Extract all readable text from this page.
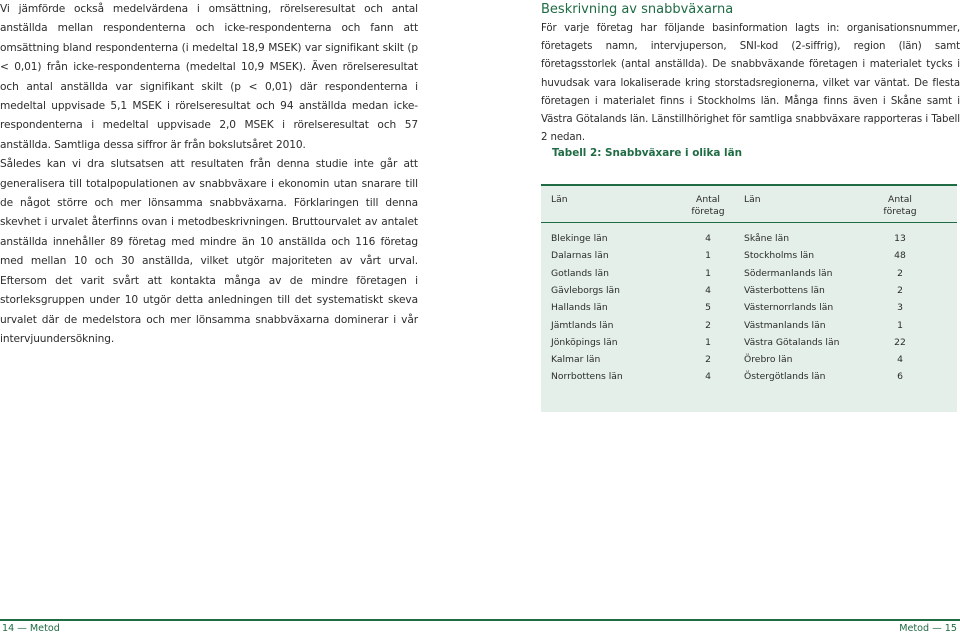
Vi jämförde också medelvärdena i omsättning, rörelseresultat och antal anställda mellan respondenterna och icke-respondenterna och fann att omsättning bland respondenterna (i medeltal 18,9 MSEK) var signifikant skilt (p < 0,01) från icke-respondenterna (medeltal 10,9 MSEK). Även rörelseresultat och antal anställda var signifikant skilt (p < 0,01) där respondenterna i medeltal uppvisade 5,1 MSEK i rörelseresultat och 94 anställda medan icke-respondenterna i medeltal uppvisade 2,0 MSEK i rörelseresultat och 57 anställda. Samtliga dessa siffror är från bokslutsåret 2010.

Således kan vi dra slutsatsen att resultaten från denna studie inte går att generalisera till totalpopulationen av snabbväxare i ekonomin utan snarare till de något större och mer lönsamma snabbväxarna. Förklaringen till denna skevhet i urvalet återfinns ovan i metodbeskrivningen. Bruttourvalet av antalet anställda innehåller 89 företag med mindre än 10 anställda och 116 företag med mellan 10 och 30 anställda, vilket utgör majoriteten av vårt urval. Eftersom det varit svårt att kontakta många av de mindre företagen i storleksgruppen under 10 utgör detta anledningen till det systematiskt skeva urvalet där de medelstora och mer lönsamma snabbväxarna dominerar i vår intervjuundersökning.

Beskrivning av snabbväxarna

För varje företag har följande basinformation lagts in: organisationsnummer, företagets namn, intervjuperson, SNI-kod (2-siffrig), region (län) samt företagsstorlek (antal anställda). De snabbväxande företagen i materialet tycks i huvudsak vara lokaliserade kring storstadsregionerna, vilket var väntat. De flesta företagen i materialet finns i Stockholms län. Många finns även i Skåne samt i Västra Götalands län. Länstillhörighet för samtliga snabbväxare rapporteras i Tabell 2 nedan.

Tabell 2: Snabbväxare i olika län

Län	Antal företag
Län	Antal företag
Blekinge län	4	Skåne län	13
Dalarnas län	1	Stockholms län	48
Gotlands län	1	Södermanlands län	2
Gävleborgs län	4	Västerbottens län	2
Hallands län	5	Västernorrlands län	3
Jämtlands län	2	Västmanlands län	1
Jönköpings län	1	Västra Götalands län	22
Kalmar län	2	Örebro län	4
Norrbottens län	4	Östergötlands län	6
14 — Metod	Metod — 15
